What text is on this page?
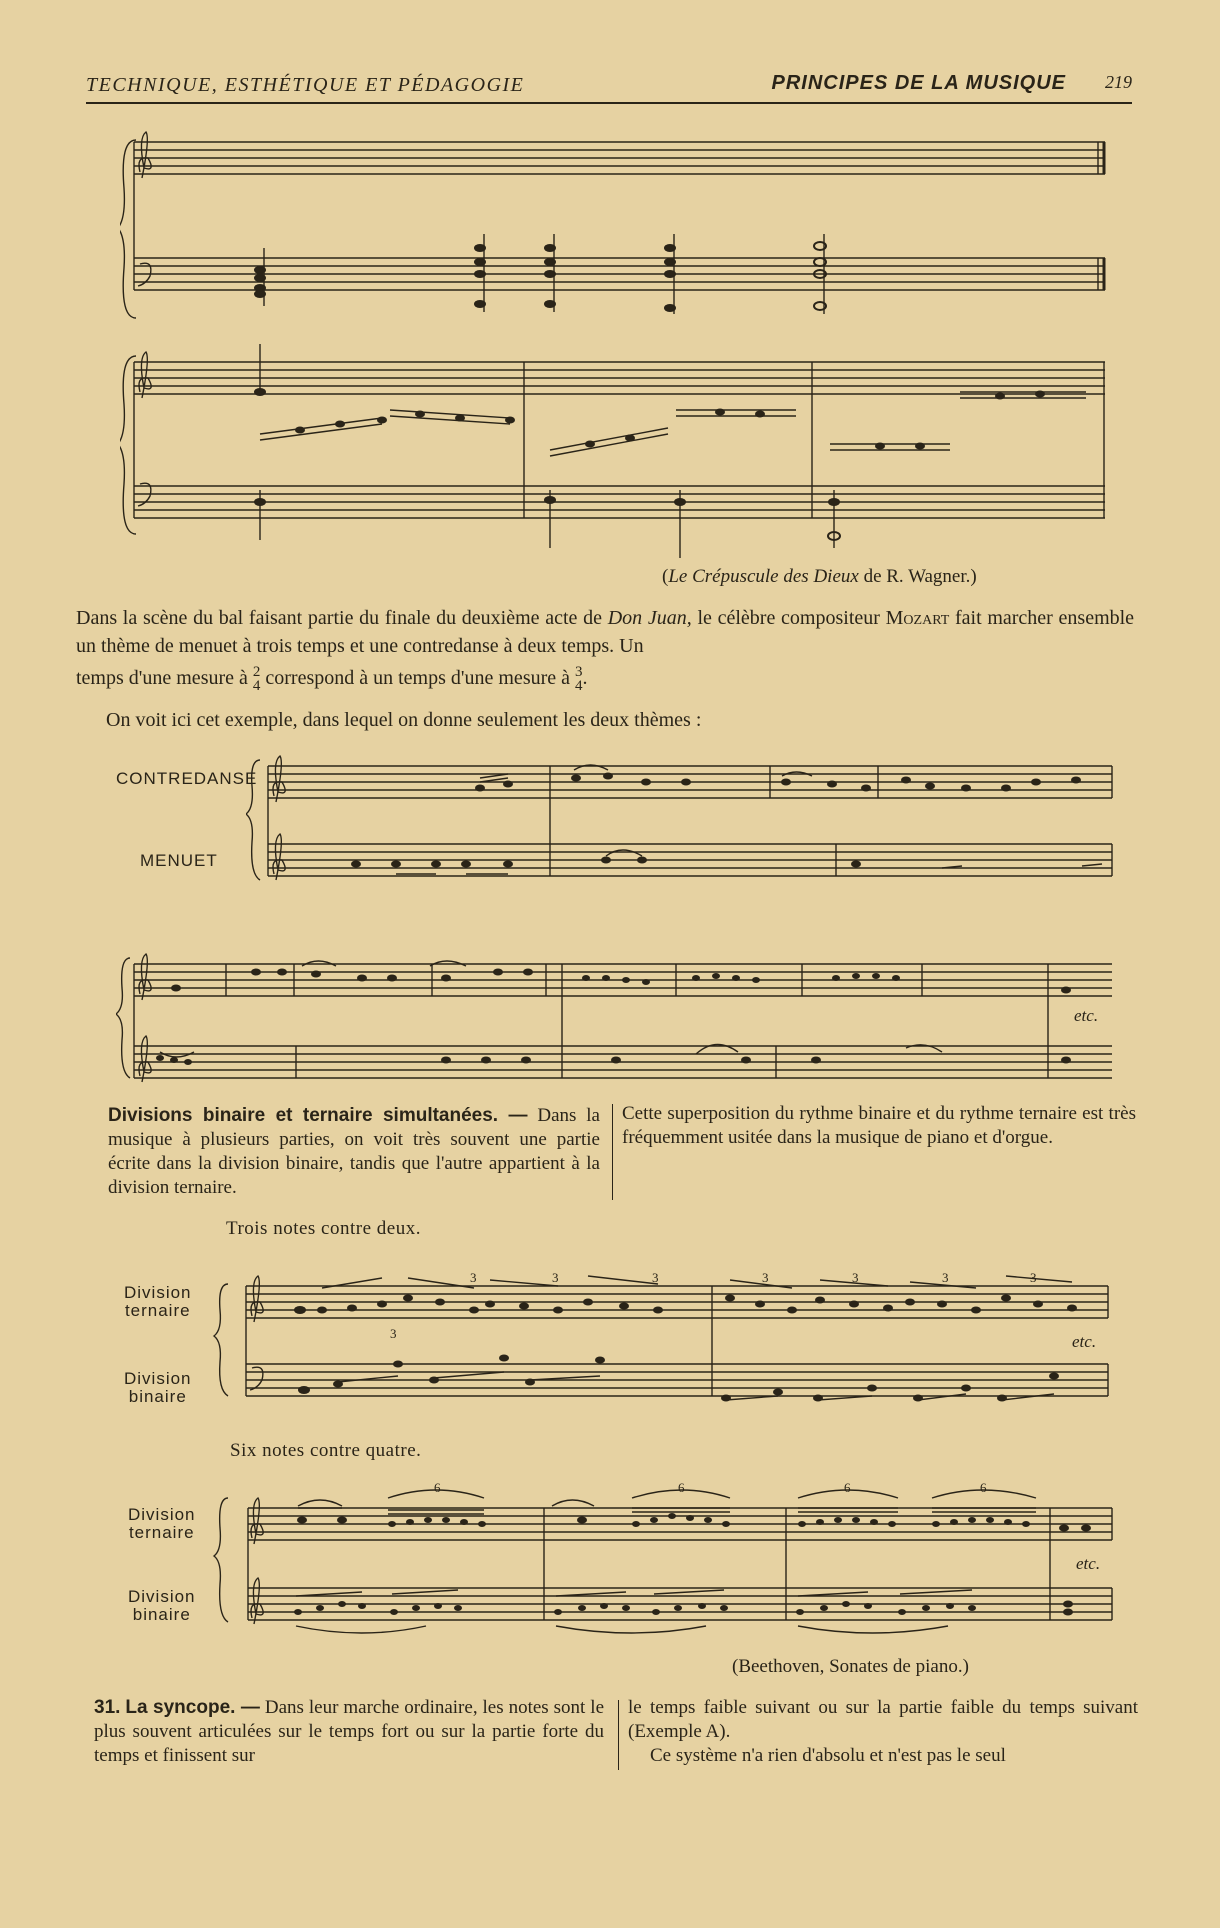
TECHNIQUE, ESTHÉTIQUE ET PÉDAGOGIE	PRINCIPES DE LA MUSIQUE 219
(Le Crépuscule des Dieux de R. Wagner.)
Dans la scène du bal faisant partie du finale du deuxième acte de Don Juan, le célèbre compositeur Mozart fait marcher ensemble un thème de menuet à trois temps et une contredanse à deux temps. Un
temps d'une mesure à 2
4 correspond à un temps d'une mesure à 3
4.
On voit ici cet exemple, dans lequel on donne seulement les deux thèmes :
CONTREDANSE
MENUET
etc.
Divisions binaire et ternaire simultanées. — Dans la musique à plusieurs parties, on voit très souvent une partie écrite dans la division binaire, tandis que l'autre appartient à la division ternaire.
Cette superposition du rythme binaire et du rythme ternaire est très fréquemment usitée dans la musique de piano et d'orgue.
Trois notes contre deux.
Division
ternaire
Division
binaire
3
3	3	3	3	3	3	3
etc.
Six notes contre quatre.
Division
ternaire
Division
binaire
6	6	6	6
etc.
(Beethoven, Sonates de piano.)
31. La syncope. — Dans leur marche ordinaire, les notes sont le plus souvent articulées sur le temps fort ou sur la partie forte du temps et finissent sur
le temps faible suivant ou sur la partie faible du temps suivant (Exemple A).
Ce système n'a rien d'absolu et n'est pas le seul
